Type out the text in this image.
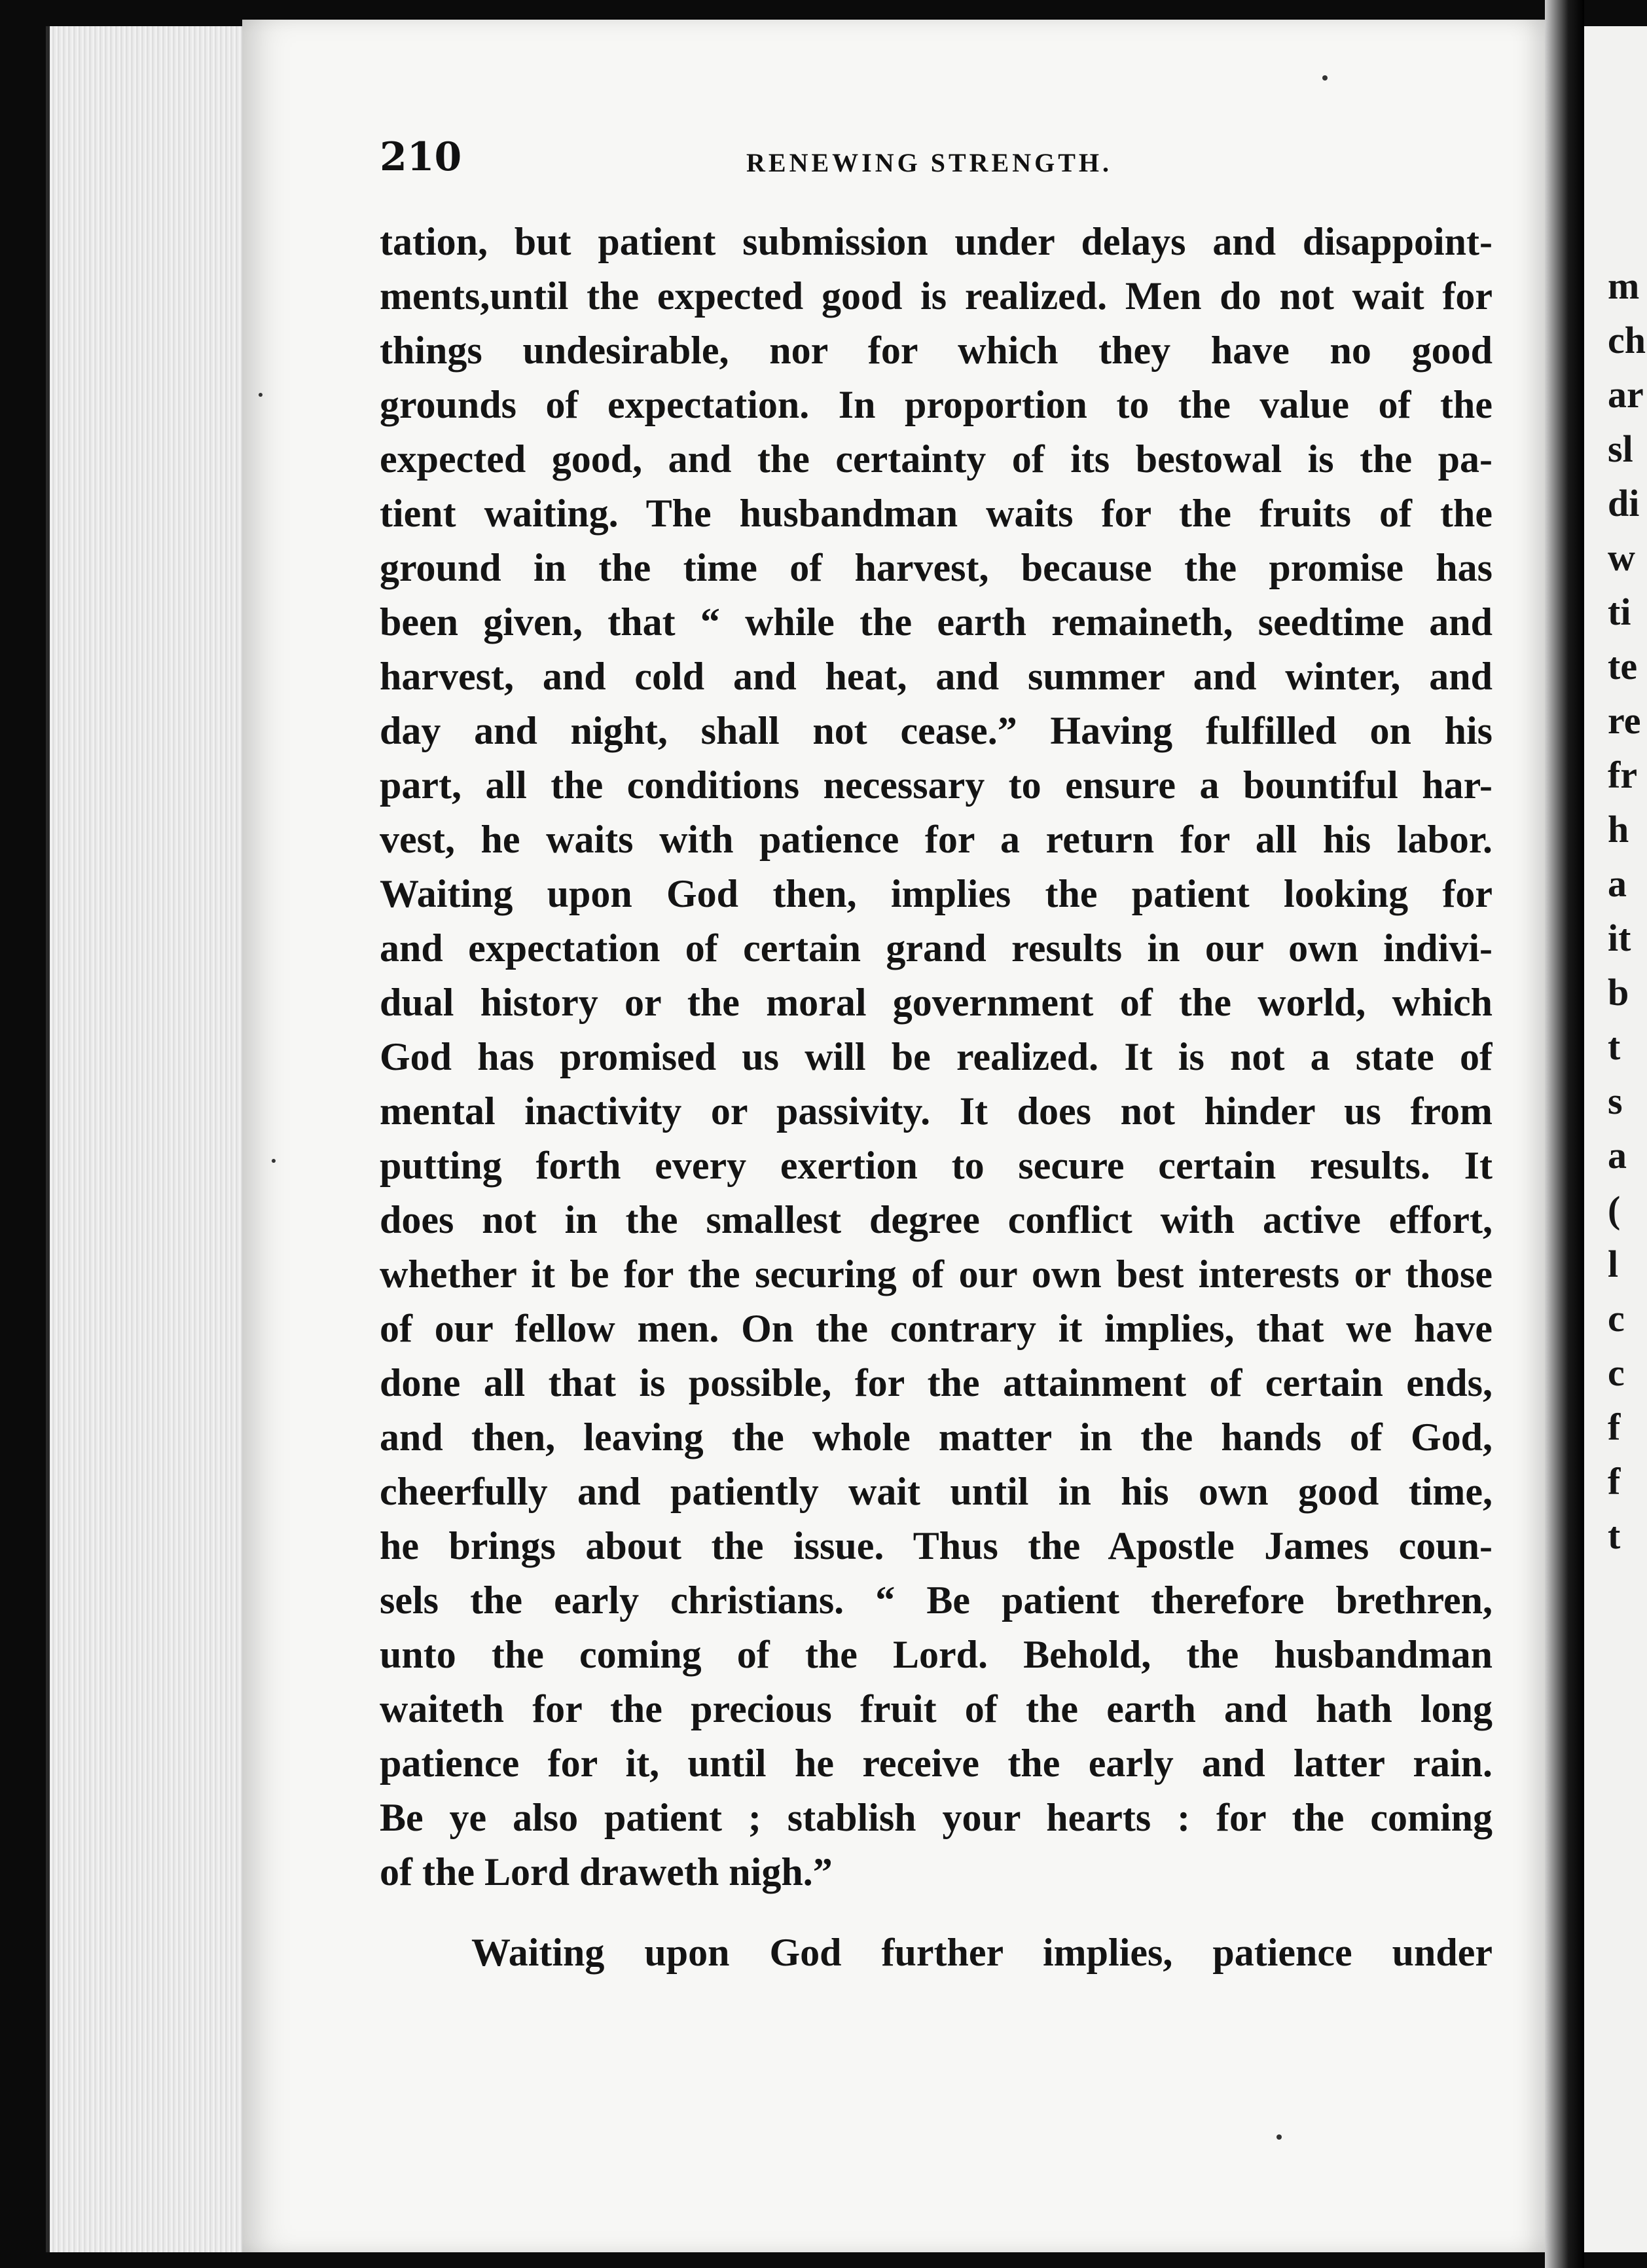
210	RENEWING STRENGTH.
tation, but patient submission under delays and disappoint-
ments,until the expected good is realized. Men do not wait for
things undesirable, nor for which they have no good
grounds of expectation. In proportion to the value of the
expected good, and the certainty of its bestowal is the pa-
tient waiting. The husbandman waits for the fruits of the
ground in the time of harvest, because the promise has
been given, that “ while the earth remaineth, seedtime and
harvest, and cold and heat, and summer and winter, and
day and night, shall not cease.” Having fulfilled on his
part, all the conditions necessary to ensure a bountiful har-
vest, he waits with patience for a return for all his labor.
Waiting upon God then, implies the patient looking for
and expectation of certain grand results in our own indivi-
dual history or the moral government of the world, which
God has promised us will be realized. It is not a state of
mental inactivity or passivity. It does not hinder us from
putting forth every exertion to secure certain results. It
does not in the smallest degree conflict with active effort,
whether it be for the securing of our own best interests or those
of our fellow men. On the contrary it implies, that we have
done all that is possible, for the attainment of certain ends,
and then, leaving the whole matter in the hands of God,
cheerfully and patiently wait until in his own good time,
he brings about the issue. Thus the Apostle James coun-
sels the early christians. “ Be patient therefore brethren,
unto the coming of the Lord. Behold, the husbandman
waiteth for the precious fruit of the earth and hath long
patience for it, until he receive the early and latter rain.
Be ye also patient ; stablish your hearts : for the coming
of the Lord draweth nigh.”
Waiting upon God further implies, patience under
m
ch
ar
sl
di
w
ti
te
re
fr
h
a
it
b
t
s
a
(
l
c
c
f
f
t
